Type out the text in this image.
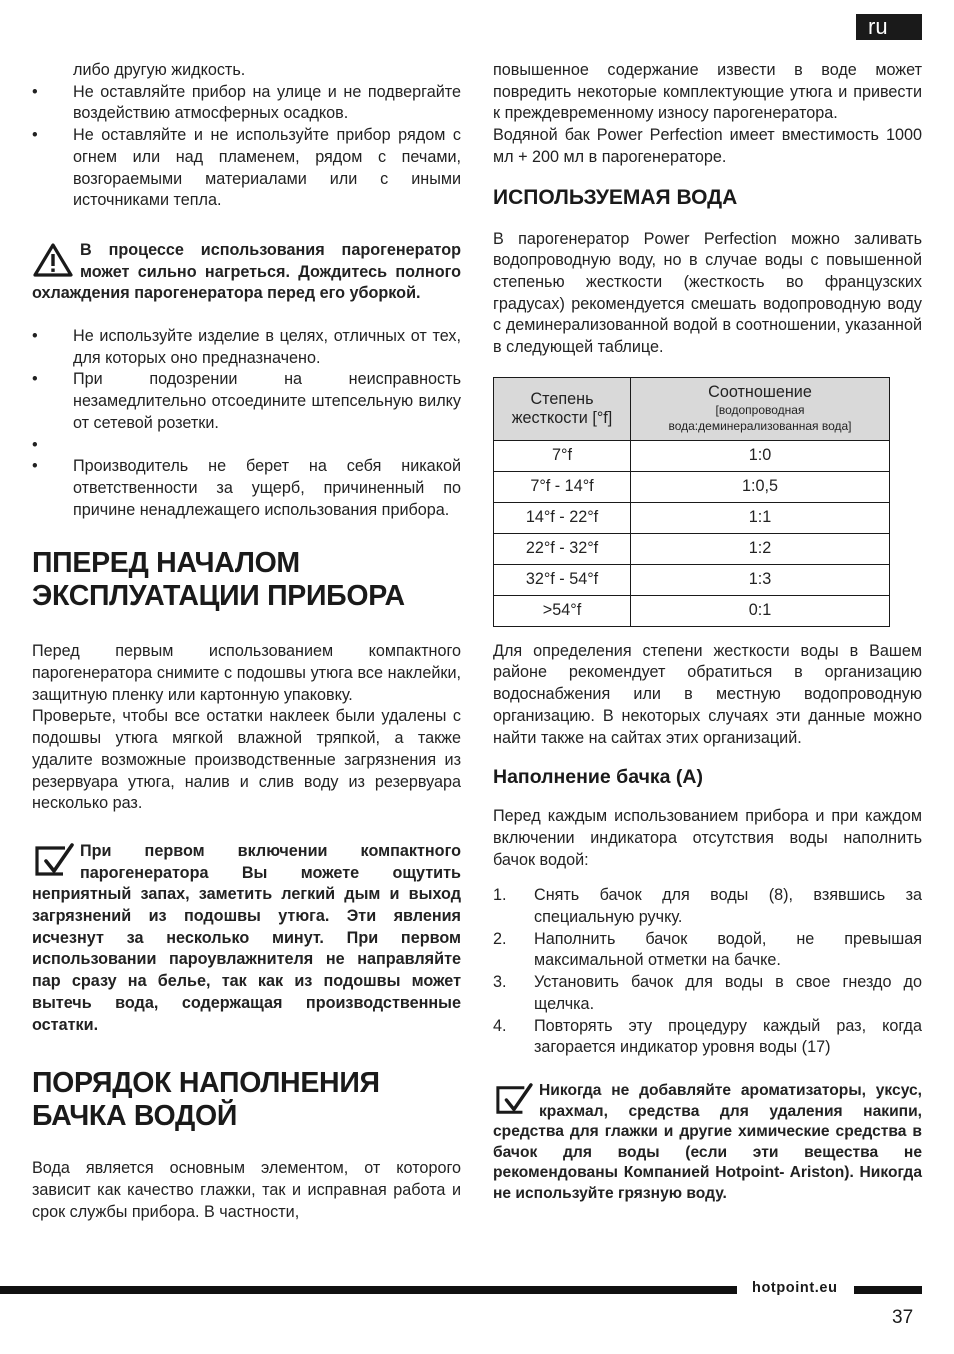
ru

либо другую жидкость.

• Не оставляйте прибор на улице и не подвергайте воздействию атмосферных осадков.
• Не оставляйте и не используйте прибор рядом с огнем или над пламенем, рядом с печами, возгораемыми материалами или с иными источниками тепла.
В процессе использования парогенератор может сильно нагреться. Дождитесь полного охлаждения парогенератора перед его уборкой.
• Не используйте изделие в целях, отличных от тех, для которых оно предназначено.
• При подозрении на неисправность незамедлительно отсоедините штепсельную вилку от сетевой розетки.
•
• Производитель не берет на себя никакой ответственности за ущерб, причиненный по причине ненадлежащего использования прибора.
ППЕРЕД НАЧАЛОМ
ЭКСПЛУАТАЦИИ ПРИБОРА

Перед первым использованием компактного парогенератора снимите с подошвы утюга все наклейки, защитную пленку или картонную упаковку.

Проверьте, чтобы все остатки наклеек были удалены с подошвы утюга мягкой влажной тряпкой, а также удалите возможные производственные загрязнения из резервуара утюга, налив и слив воду из резервуара несколько раз.

При первом включении компактного парогенератора Вы можете ощутить неприятный запах, заметить легкий дым и выход загрязнений из подошвы утюга. Эти явления исчезнут за несколько минут. При первом использовании пароувлажнителя не направляйте пар сразу на белье, так как из подошвы может вытечь вода, содержащая производственные остатки.
ПОРЯДОК НАПОЛНЕНИЯ
БАЧКА ВОДОЙ

Вода является основным элементом, от которого зависит как качество глажки, так и исправная работа и срок службы прибора. В частности,

повышенное содержание извести в воде может повредить некоторые комплектующие утюга и привести к преждевременному износу парогенератора.

Водяной бак Power Perfection имеет вместимость 1000 мл + 200 мл в парогенераторе.

ИСПОЛЬЗУЕМАЯ ВОДА

В парогенератор Power Perfection можно заливать водопроводную воду, но в случае воды с повышенной степенью жесткости (жесткость во французских градусах) рекомендуется смешать водопроводную воду с деминерализованной водой в соотношении, указанной в следующей таблице.

Степень
жесткости [°f]	Соотношение
[водопроводная
вода:деминерализованная вода]

7°f	1:0
7°f - 14°f	1:0,5
14°f - 22°f	1:1
22°f - 32°f	1:2
32°f - 54°f	1:3
>54°f	0:1

Для определения степени жесткости воды в Вашем районе рекомендует обратиться в организацию водоснабжения или в местную водопроводную организацию. В некоторых случаях эти данные можно найти также на сайтах этих организаций.

Наполнение бачка (A)

Перед каждым использованием прибора и при каждом включении индикатора отсутствия воды наполнить бачок водой:

1.	Снять бачок для воды (8), взявшись за специальную ручку.
2.	Наполнить бачок водой, не превышая максимальной отметки на бачке.
3.	Установить бачок для воды в свое гнездо до щелчка.
4.	Повторять эту процедуру каждый раз, когда загорается индикатор уровня воды (17)
Никогда не добавляйте ароматизаторы, уксус, крахмал, средства для удаления накипи, средства для глажки и другие химические средства в бачок для воды (если эти вещества не рекомендованы Компанией Hotpoint- Ariston). Никогда не используйте грязную воду.
hotpoint.eu
37
